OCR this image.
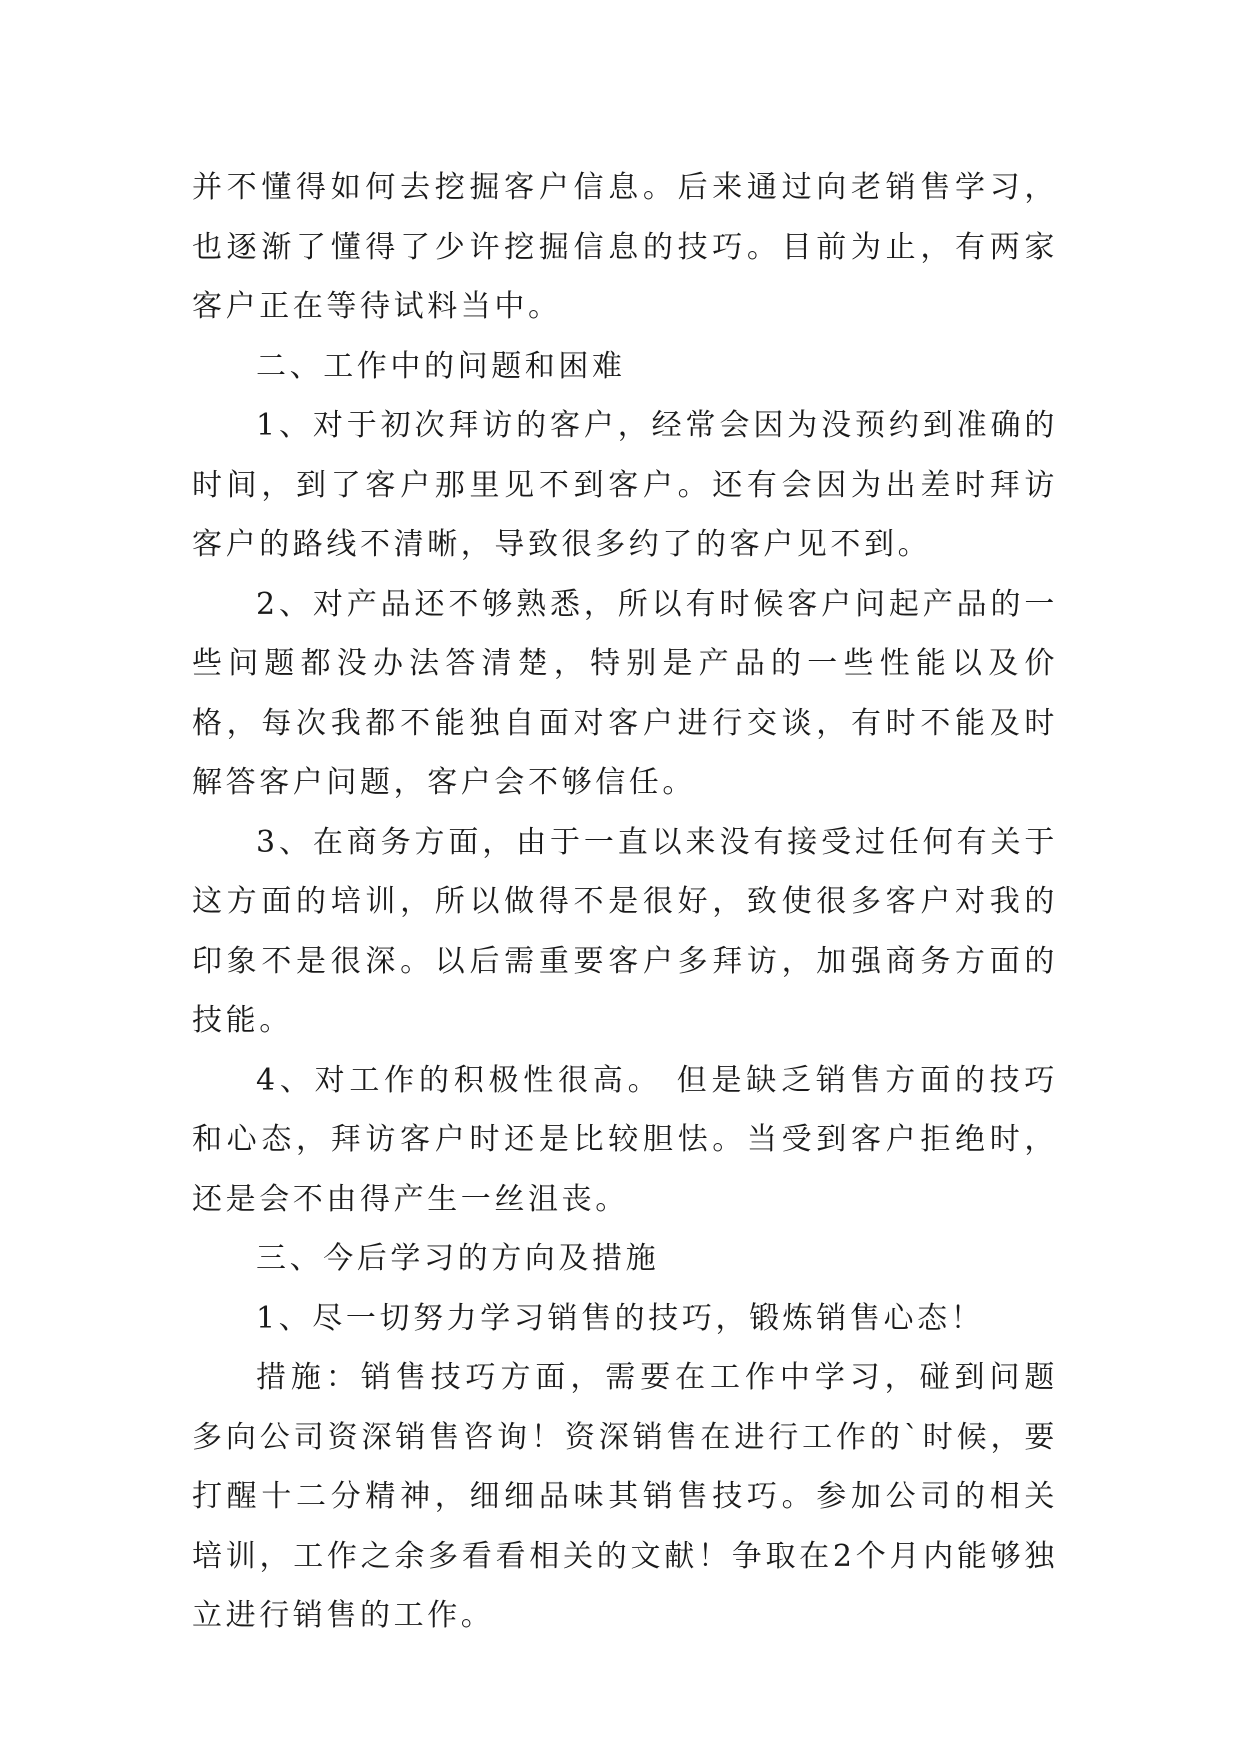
并不懂得如何去挖掘客户信息。后来通过向老销售学习，也逐渐了懂得了少许挖掘信息的技巧。目前为止，有两家客户正在等待试料当中。

二、工作中的问题和困难

1、对于初次拜访的客户，经常会因为没预约到准确的时间，到了客户那里见不到客户。还有会因为出差时拜访客户的路线不清晰，导致很多约了的客户见不到。

2、对产品还不够熟悉，所以有时候客户问起产品的一些问题都没办法答清楚，特别是产品的一些性能以及价格，每次我都不能独自面对客户进行交谈，有时不能及时解答客户问题，客户会不够信任。

3、在商务方面，由于一直以来没有接受过任何有关于这方面的培训，所以做得不是很好，致使很多客户对我的印象不是很深。以后需重要客户多拜访，加强商务方面的技能。

4、对工作的积极性很高。 但是缺乏销售方面的技巧和心态，拜访客户时还是比较胆怯。当受到客户拒绝时，还是会不由得产生一丝沮丧。

三、今后学习的方向及措施

1、尽一切努力学习销售的技巧，锻炼销售心态！

措施：销售技巧方面，需要在工作中学习，碰到问题多向公司资深销售咨询！资深销售在进行工作的`时候，要打醒十二分精神，细细品味其销售技巧。参加公司的相关培训，工作之余多看看相关的文献！争取在2个月内能够独立进行销售的工作。
